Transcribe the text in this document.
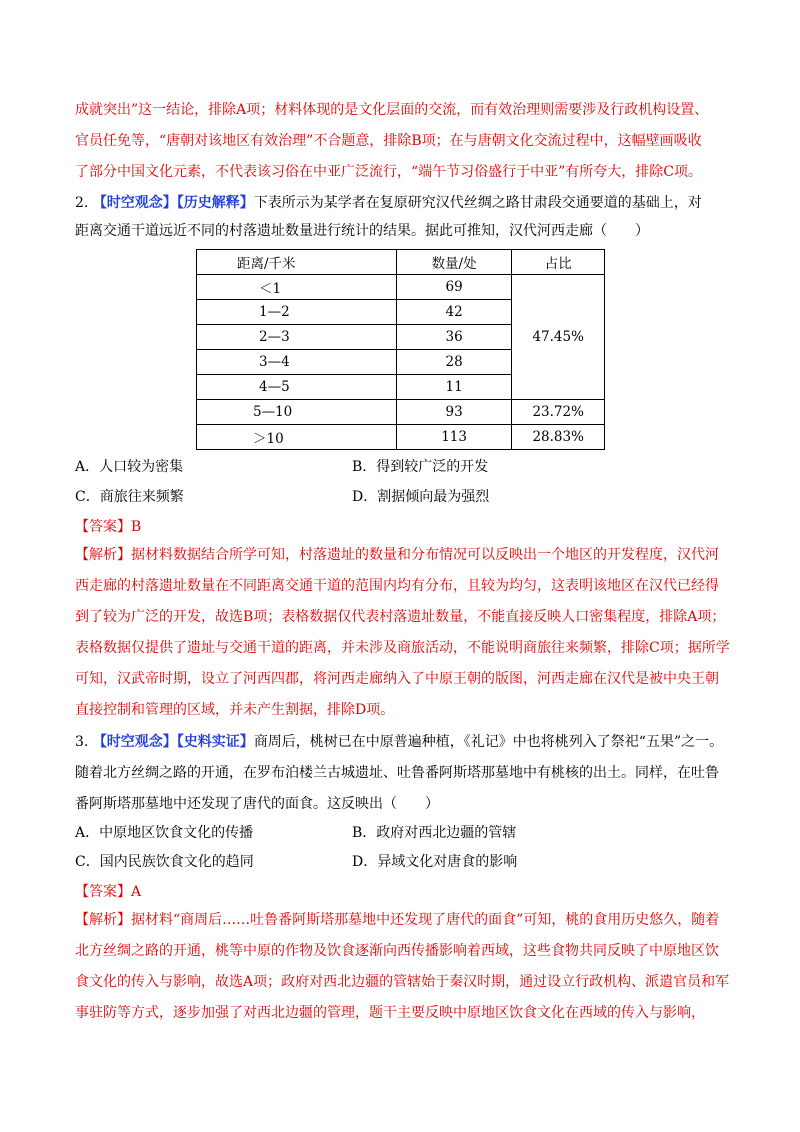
成就突出”这一结论，排除A项；材料体现的是文化层面的交流，而有效治理则需要涉及行政机构设置、
官员任免等，“唐朝对该地区有效治理”不合题意，排除B项；在与唐朝文化交流过程中，这幅壁画吸收
了部分中国文化元素，不代表该习俗在中亚广泛流行，“端午节习俗盛行于中亚”有所夸大，排除C项。
2. 【时空观念】【历史解释】下表所示为某学者在复原研究汉代丝绸之路甘肃段交通要道的基础上，对
距离交通干道远近不同的村落遗址数量进行统计的结果。据此可推知，汉代河西走廊（　　）
距离/千米	数量/处	占比
＜1	69	47.45%
1—2	42	
2—3	36	
3—4	28	
4—5	11	
5—10	93	23.72%
＞10	113	28.83%
A．人口较为密集	B．得到较广泛的开发
C．商旅往来频繁	D．割据倾向最为强烈
【答案】B
【解析】据材料数据结合所学可知，村落遗址的数量和分布情况可以反映出一个地区的开发程度，汉代河西走廊的村落遗址数量在不同距离交通干道的范围内均有分布，且较为均匀，这表明该地区在汉代已经得到了较为广泛的开发，故选B项；表格数据仅代表村落遗址数量，不能直接反映人口密集程度，排除A项；表格数据仅提供了遗址与交通干道的距离，并未涉及商旅活动，不能说明商旅往来频繁，排除C项；据所学可知，汉武帝时期，设立了河西四郡，将河西走廊纳入了中原王朝的版图，河西走廊在汉代是被中央王朝直接控制和管理的区域，并未产生割据，排除D项。
3. 【时空观念】【史料实证】商周后，桃树已在中原普遍种植，《礼记》中也将桃列入了祭祀“五果”之一。随着北方丝绸之路的开通，在罗布泊楼兰古城遗址、吐鲁番阿斯塔那墓地中有桃核的出土。同样，在吐鲁番阿斯塔那墓地中还发现了唐代的面食。这反映出（　　）
A．中原地区饮食文化的传播	B．政府对西北边疆的管辖
C．国内民族饮食文化的趋同	D．异域文化对唐食的影响
【答案】A
【解析】据材料“商周后……吐鲁番阿斯塔那墓地中还发现了唐代的面食”可知，桃的食用历史悠久，随着北方丝绸之路的开通，桃等中原的作物及饮食逐渐向西传播影响着西域，这些食物共同反映了中原地区饮食文化的传入与影响，故选A项；政府对西北边疆的管辖始于秦汉时期，通过设立行政机构、派遣官员和军事驻防等方式，逐步加强了对西北边疆的管理，题干主要反映中原地区饮食文化在西域的传入与影响，
